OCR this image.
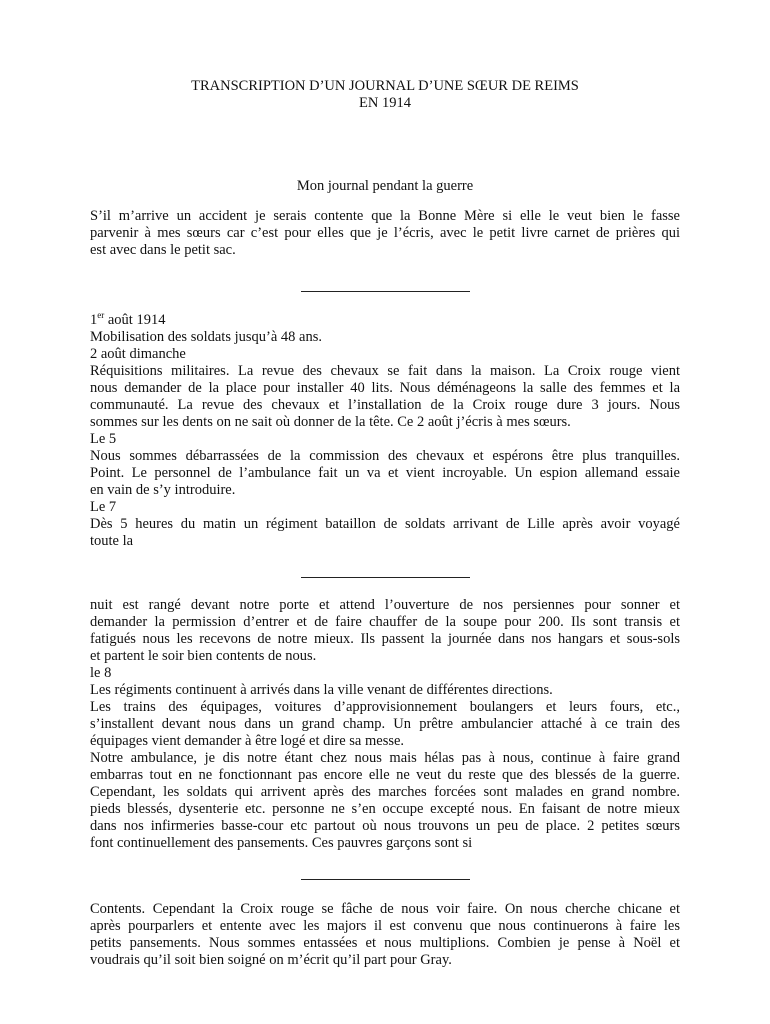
TRANSCRIPTION D’UN JOURNAL D’UNE SŒUR DE REIMS
EN 1914

Mon journal pendant la guerre

S’il m’arrive un accident je serais contente que la Bonne Mère si elle le veut bien le fasse
parvenir à mes sœurs car c’est pour elles que je l’écris, avec le petit livre carnet de prières qui
est avec dans le petit sac.
1er août 1914
Mobilisation des soldats jusqu’à 48 ans.
2 août dimanche
Réquisitions militaires. La revue des chevaux se fait dans la maison. La Croix rouge vient
nous demander de la place pour installer 40 lits. Nous déménageons la salle des femmes et la
communauté. La revue des chevaux et l’installation de la Croix rouge dure 3 jours. Nous
sommes sur les dents on ne sait où donner de la tête. Ce 2 août j’écris à mes sœurs.
Le 5
Nous sommes débarrassées de la commission des chevaux et espérons être plus tranquilles.
Point. Le personnel de l’ambulance fait un va et vient incroyable. Un espion allemand essaie
en vain de s’y introduire.
Le 7
Dès 5 heures du matin un régiment bataillon de soldats arrivant de Lille après avoir voyagé
toute la
nuit est rangé devant notre porte et attend l’ouverture de nos persiennes pour sonner et
demander la permission d’entrer et de faire chauffer de la soupe pour 200. Ils sont transis et
fatigués nous les recevons de notre mieux. Ils passent la journée dans nos hangars et sous-sols
et partent le soir bien contents de nous.
le 8
Les régiments continuent à arrivés dans la ville venant de différentes directions.
Les trains des équipages, voitures d’approvisionnement boulangers et leurs fours, etc.,
s’installent devant nous dans un grand champ. Un prêtre ambulancier attaché à ce train des
équipages vient demander à être logé et dire sa messe.
Notre ambulance, je dis notre étant chez nous mais hélas pas à nous, continue à faire grand
embarras tout en ne fonctionnant pas encore elle ne veut du reste que des blessés de la guerre.
Cependant, les soldats qui arrivent après des marches forcées sont malades en grand nombre.
pieds blessés, dysenterie etc. personne ne s’en occupe excepté nous. En faisant de notre mieux
dans nos infirmeries basse-cour etc partout où nous trouvons un peu de place. 2 petites sœurs
font continuellement des pansements. Ces pauvres garçons sont si
Contents. Cependant la Croix rouge se fâche de nous voir faire. On nous cherche chicane et
après pourparlers et entente avec les majors il est convenu que nous continuerons à faire les
petits pansements. Nous sommes entassées et nous multiplions. Combien je pense à Noël et
voudrais qu’il soit bien soigné on m’écrit qu’il part pour Gray.
